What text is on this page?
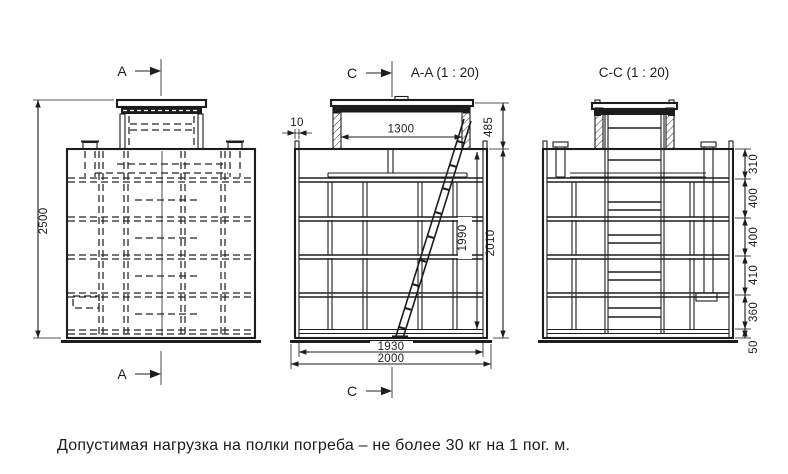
A
A
2500
A-A (1 : 20)
C
C
10
1300	485
2010
1990
1930
2000
C-C (1 : 20)
310
400
400
410
360
50
Допустимая нагрузка на полки погреба – не более 30 кг на 1 пог. м.
